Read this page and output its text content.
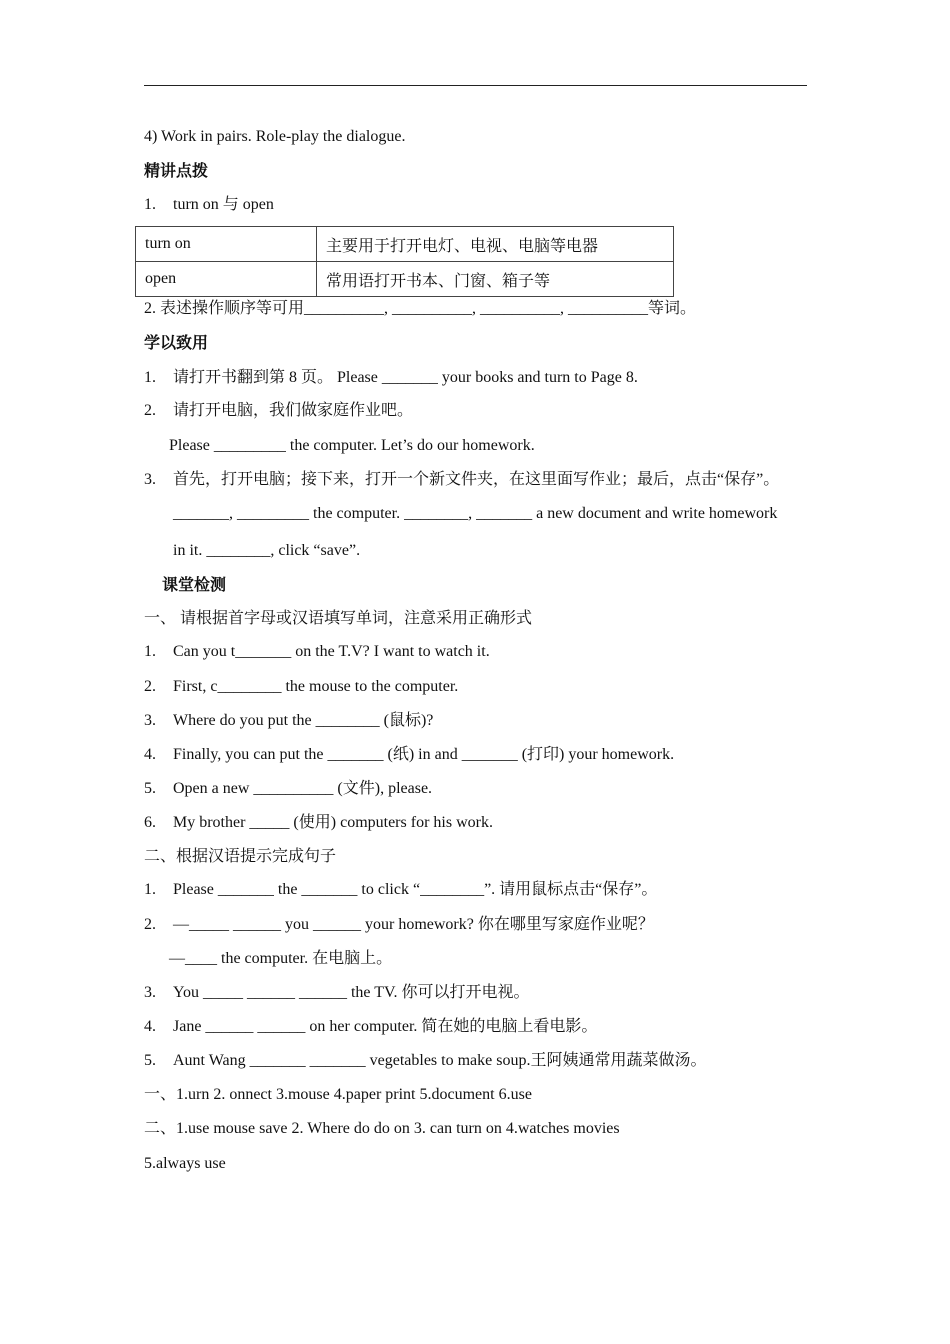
4) Work in pairs. Role-play the dialogue.
精讲点拨
1. turn on 与 open
turn on	主要用于打开电灯、电视、电脑等电器
open	常用语打开书本、门窗、箱子等
2. 表述操作顺序等可用__________, __________, __________, __________等词。
学以致用
1. 请打开书翻到第 8 页。 Please _______ your books and turn to Page 8.
2. 请打开电脑，我们做家庭作业吧。
Please _________ the computer. Let’s do our homework.
3. 首先，打开电脑；接下来，打开一个新文件夹，在这里面写作业；最后，点击“保存”。
_______, _________ the computer. ________, _______ a new document and write homework
in it. ________, click “save”.
课堂检测
一、 请根据首字母或汉语填写单词，注意采用正确形式
1. Can you t_______ on the T.V? I want to watch it.
2. First, c________ the mouse to the computer.
3. Where do you put the ________ (鼠标)?
4. Finally, you can put the _______ (纸) in and _______ (打印) your homework.
5. Open a new __________ (文件), please.
6. My brother _____ (使用) computers for his work.
二、根据汉语提示完成句子
1. Please _______ the _______ to click “________”. 请用鼠标点击“保存”。
2. —_____ ______ you ______ your homework? 你在哪里写家庭作业呢？
—____ the computer. 在电脑上。
3. You _____ ______ ______ the TV. 你可以打开电视。
4. Jane ______ ______ on her computer. 简在她的电脑上看电影。
5. Aunt Wang _______ _______ vegetables to make soup.王阿姨通常用蔬菜做汤。
一、1.urn 2. onnect 3.mouse 4.paper print 5.document 6.use
二、1.use mouse save 2. Where do do on 3. can turn on 4.watches movies
5.always use
